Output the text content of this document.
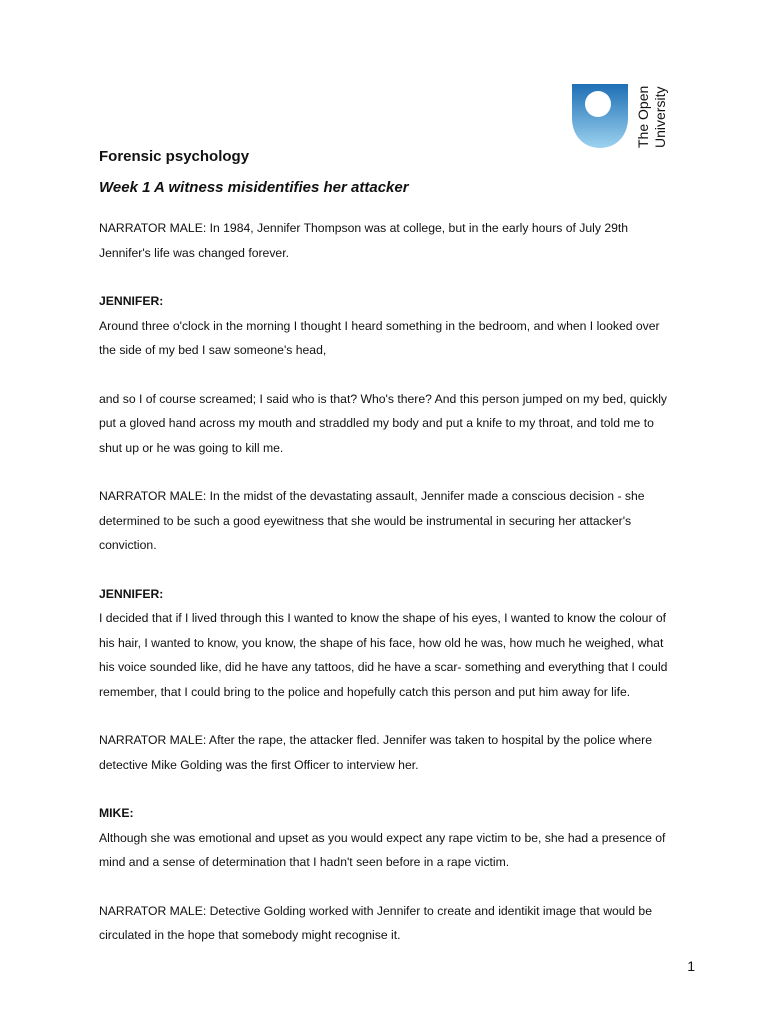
The Open University
Forensic psychology
Week 1 A witness misidentifies her attacker

NARRATOR MALE: In 1984, Jennifer Thompson was at college, but in the early hours of July 29th Jennifer's life was changed forever.

JENNIFER:
Around three o'clock in the morning I thought I heard something in the bedroom, and when I looked over the side of my bed I saw someone's head,

and so I of course screamed; I said who is that? Who's there? And this person jumped on my bed, quickly put a gloved hand across my mouth and straddled my body and put a knife to my throat, and told me to shut up or he was going to kill me.

NARRATOR MALE: In the midst of the devastating assault, Jennifer made a conscious decision - she determined to be such a good eyewitness that she would be instrumental in securing her attacker's conviction.

JENNIFER:
I decided that if I lived through this I wanted to know the shape of his eyes, I wanted to know the colour of his hair, I wanted to know, you know, the shape of his face, how old he was, how much he weighed, what his voice sounded like, did he have any tattoos, did he have a scar- something and everything that I could remember, that I could bring to the police and hopefully catch this person and put him away for life.

NARRATOR MALE: After the rape, the attacker fled. Jennifer was taken to hospital by the police where detective Mike Golding was the first Officer to interview her.

MIKE:
Although she was emotional and upset as you would expect any rape victim to be, she had a presence of mind and a sense of determination that I hadn't seen before in a rape victim.

NARRATOR MALE: Detective Golding worked with Jennifer to create and identikit image that would be circulated in the hope that somebody might recognise it.

1
